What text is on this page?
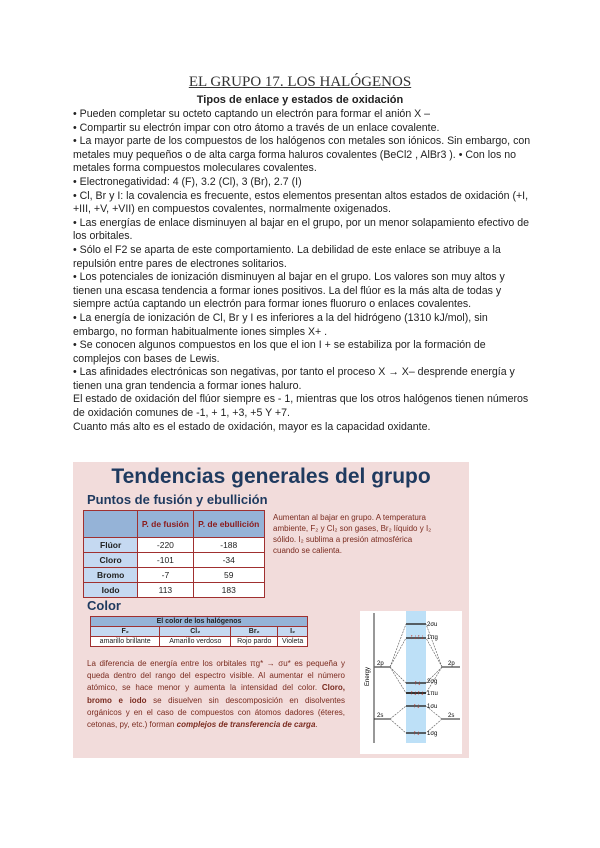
EL GRUPO 17. LOS HALÓGENOS
Tipos de enlace y estados de oxidación

• Pueden completar su octeto captando un electrón para formar el anión X –

• Compartir su electrón impar con otro átomo a través de un enlace covalente.

• La mayor parte de los compuestos de los halógenos con metales son iónicos. Sin embargo, con metales muy pequeños o de alta carga forma haluros covalentes (BeCl2 , AlBr3 ). • Con los no metales forma compuestos moleculares covalentes.

• Electronegatividad: 4 (F), 3.2 (Cl), 3 (Br), 2.7 (I)

• Cl, Br y I: la covalencia es frecuente, estos elementos presentan altos estados de oxidación (+I, +III, +V, +VII) en compuestos covalentes, normalmente oxigenados.

• Las energías de enlace disminuyen al bajar en el grupo, por un menor solapamiento efectivo de los orbitales.

• Sólo el F2 se aparta de este comportamiento. La debilidad de este enlace se atribuye a la repulsión entre pares de electrones solitarios.

• Los potenciales de ionización disminuyen al bajar en el grupo. Los valores son muy altos y tienen una escasa tendencia a formar iones positivos. La del flúor es la más alta de todas y siempre actúa captando un electrón para formar iones fluoruro o enlaces covalentes.

• La energía de ionización de Cl, Br y I es inferiores a la del hidrógeno (1310 kJ/mol), sin embargo, no forman habitualmente iones simples X+ .

• Se conocen algunos compuestos en los que el ion I + se estabiliza por la formación de complejos con bases de Lewis.

• Las afinidades electrónicas son negativas, por tanto el proceso X → X– desprende energía y tienen una gran tendencia a formar iones haluro.

El estado de oxidación del flúor siempre es - 1, mientras que los otros halógenos tienen números de oxidación comunes de -1, + 1, +3, +5 Y +7.

Cuanto más alto es el estado de oxidación, mayor es la capacidad oxidante.

Tendencias generales del grupo
Puntos de fusión y ebullición
	P. de fusión	P. de ebullición
Flúor	-220	-188
Cloro	-101	-34
Bromo	-7	59
Iodo	113	183
Aumentan al bajar en grupo. A temperatura ambiente, F₂ y Cl₂ son gases, Br₂ líquido y I₂ sólido. I₂ sublima a presión atmosférica cuando se calienta.
Color
El color de los halógenos			
F₂	Cl₂	Br₂	I₂
amarillo brillante	Amarillo verdoso	Rojo pardo	Violeta
La diferencia de energía entre los orbitales πg* → σu* es pequeña y queda dentro del rango del espectro visible. Al aumentar el número atómico, se hace menor y aumenta la intensidad del color. Cloro, bromo e iodo se disuelven sin descomposición en disolventes orgánicos y en el caso de compuestos con átomos dadores (éteres, cetonas, py, etc.) forman complejos de transferencia de carga.
Energy
↑↓↑↓
↑↓↑↓
↑↓
↑↓
↑↓
2p	2p
2s	2s
2σu
1πg
2σg
1πu
1σu
1σg
